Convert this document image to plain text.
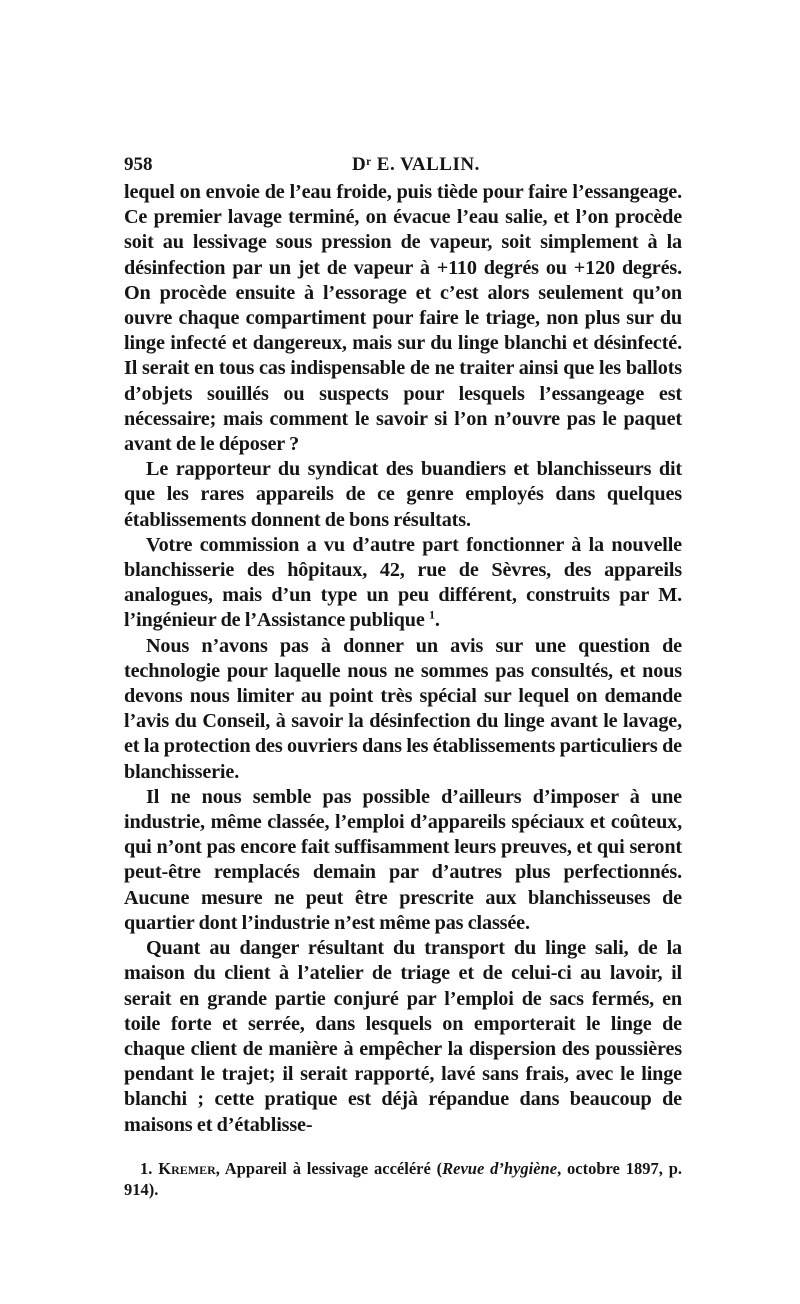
958	Dʳ E. VALLIN.

lequel on envoie de l’eau froide, puis tiède pour faire l’essangeage. Ce premier lavage terminé, on évacue l’eau salie, et l’on procède soit au lessivage sous pression de vapeur, soit simplement à la désinfection par un jet de vapeur à +110 degrés ou +120 degrés. On procède ensuite à l’essorage et c’est alors seulement qu’on ouvre chaque compartiment pour faire le triage, non plus sur du linge infecté et dangereux, mais sur du linge blanchi et désinfecté. Il serait en tous cas indispensable de ne traiter ainsi que les ballots d’objets souillés ou suspects pour lesquels l’essangeage est nécessaire; mais comment le savoir si l’on n’ouvre pas le paquet avant de le déposer ?

Le rapporteur du syndicat des buandiers et blanchisseurs dit que les rares appareils de ce genre employés dans quelques établissements donnent de bons résultats.

Votre commission a vu d’autre part fonctionner à la nouvelle blanchisserie des hôpitaux, 42, rue de Sèvres, des appareils analogues, mais d’un type un peu différent, construits par M. l’ingénieur de l’Assistance publique $^1$.

Nous n’avons pas à donner un avis sur une question de technologie pour laquelle nous ne sommes pas consultés, et nous devons nous limiter au point très spécial sur lequel on demande l’avis du Conseil, à savoir la désinfection du linge avant le lavage, et la protection des ouvriers dans les établissements particuliers de blanchisserie.

Il ne nous semble pas possible d’ailleurs d’imposer à une industrie, même classée, l’emploi d’appareils spéciaux et coûteux, qui n’ont pas encore fait suffisamment leurs preuves, et qui seront peut-être remplacés demain par d’autres plus perfectionnés. Aucune mesure ne peut être prescrite aux blanchisseuses de quartier dont l’industrie n’est même pas classée.

Quant au danger résultant du transport du linge sali, de la maison du client à l’atelier de triage et de celui-ci au lavoir, il serait en grande partie conjuré par l’emploi de sacs fermés, en toile forte et serrée, dans lesquels on emporterait le linge de chaque client de manière à empêcher la dispersion des poussières pendant le trajet; il serait rapporté, lavé sans frais, avec le linge blanchi ; cette pratique est déjà répandue dans beaucoup de maisons et d’établisse-

1. Kremer, Appareil à lessivage accéléré (Revue d’hygiène, octobre 1897, p. 914).
